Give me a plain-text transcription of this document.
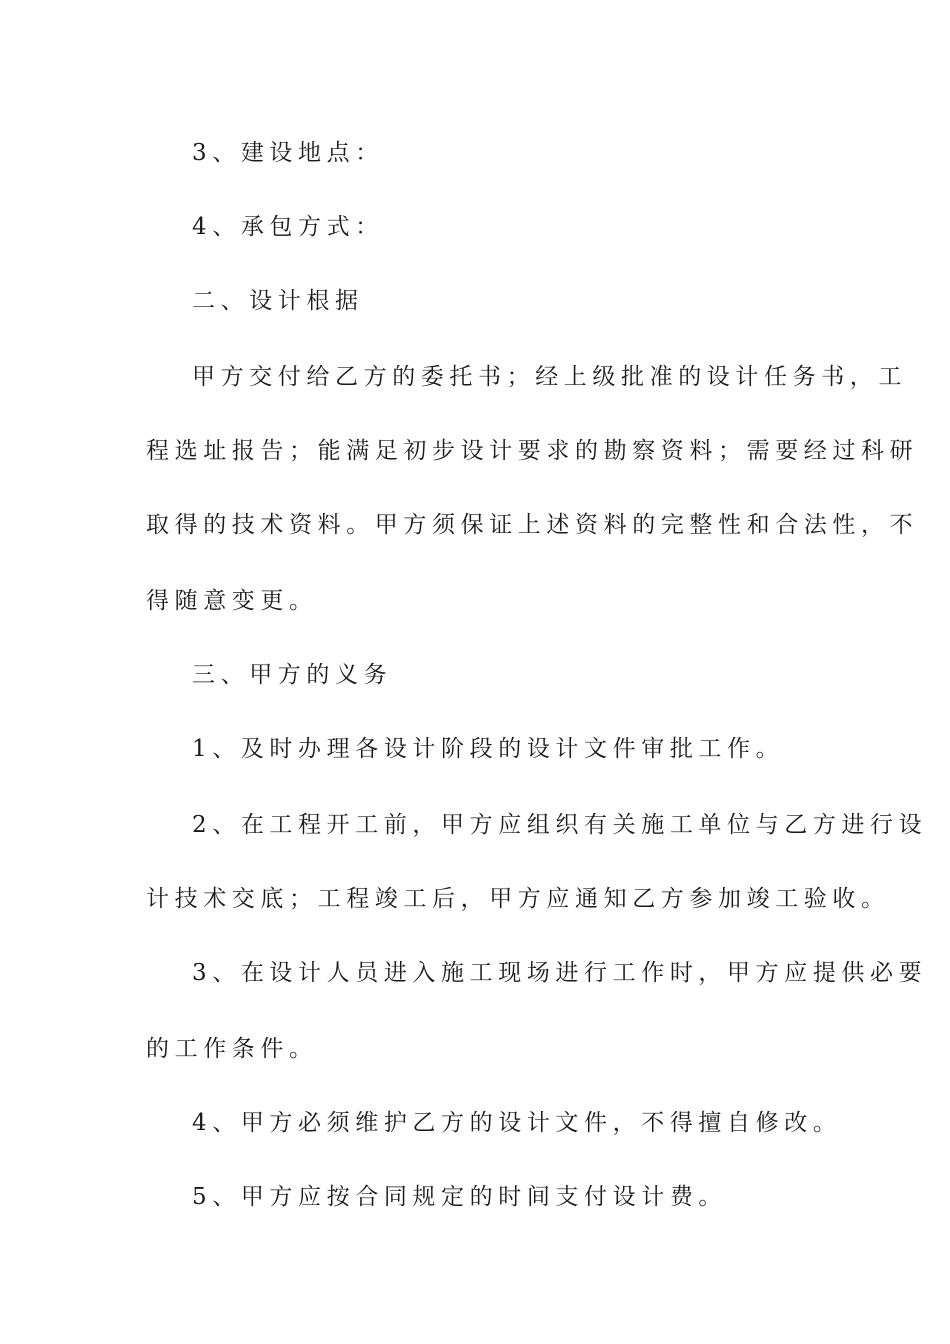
3、建设地点：
4、承包方式：
二、设计根据
甲方交付给乙方的委托书；经上级批准的设计任务书，工
程选址报告；能满足初步设计要求的勘察资料；需要经过科研
取得的技术资料。甲方须保证上述资料的完整性和合法性，不
得随意变更。
三、甲方的义务
1、及时办理各设计阶段的设计文件审批工作。
2、在工程开工前，甲方应组织有关施工单位与乙方进行设
计技术交底；工程竣工后，甲方应通知乙方参加竣工验收。
3、在设计人员进入施工现场进行工作时，甲方应提供必要
的工作条件。
4、甲方必须维护乙方的设计文件，不得擅自修改。
5、甲方应按合同规定的时间支付设计费。
